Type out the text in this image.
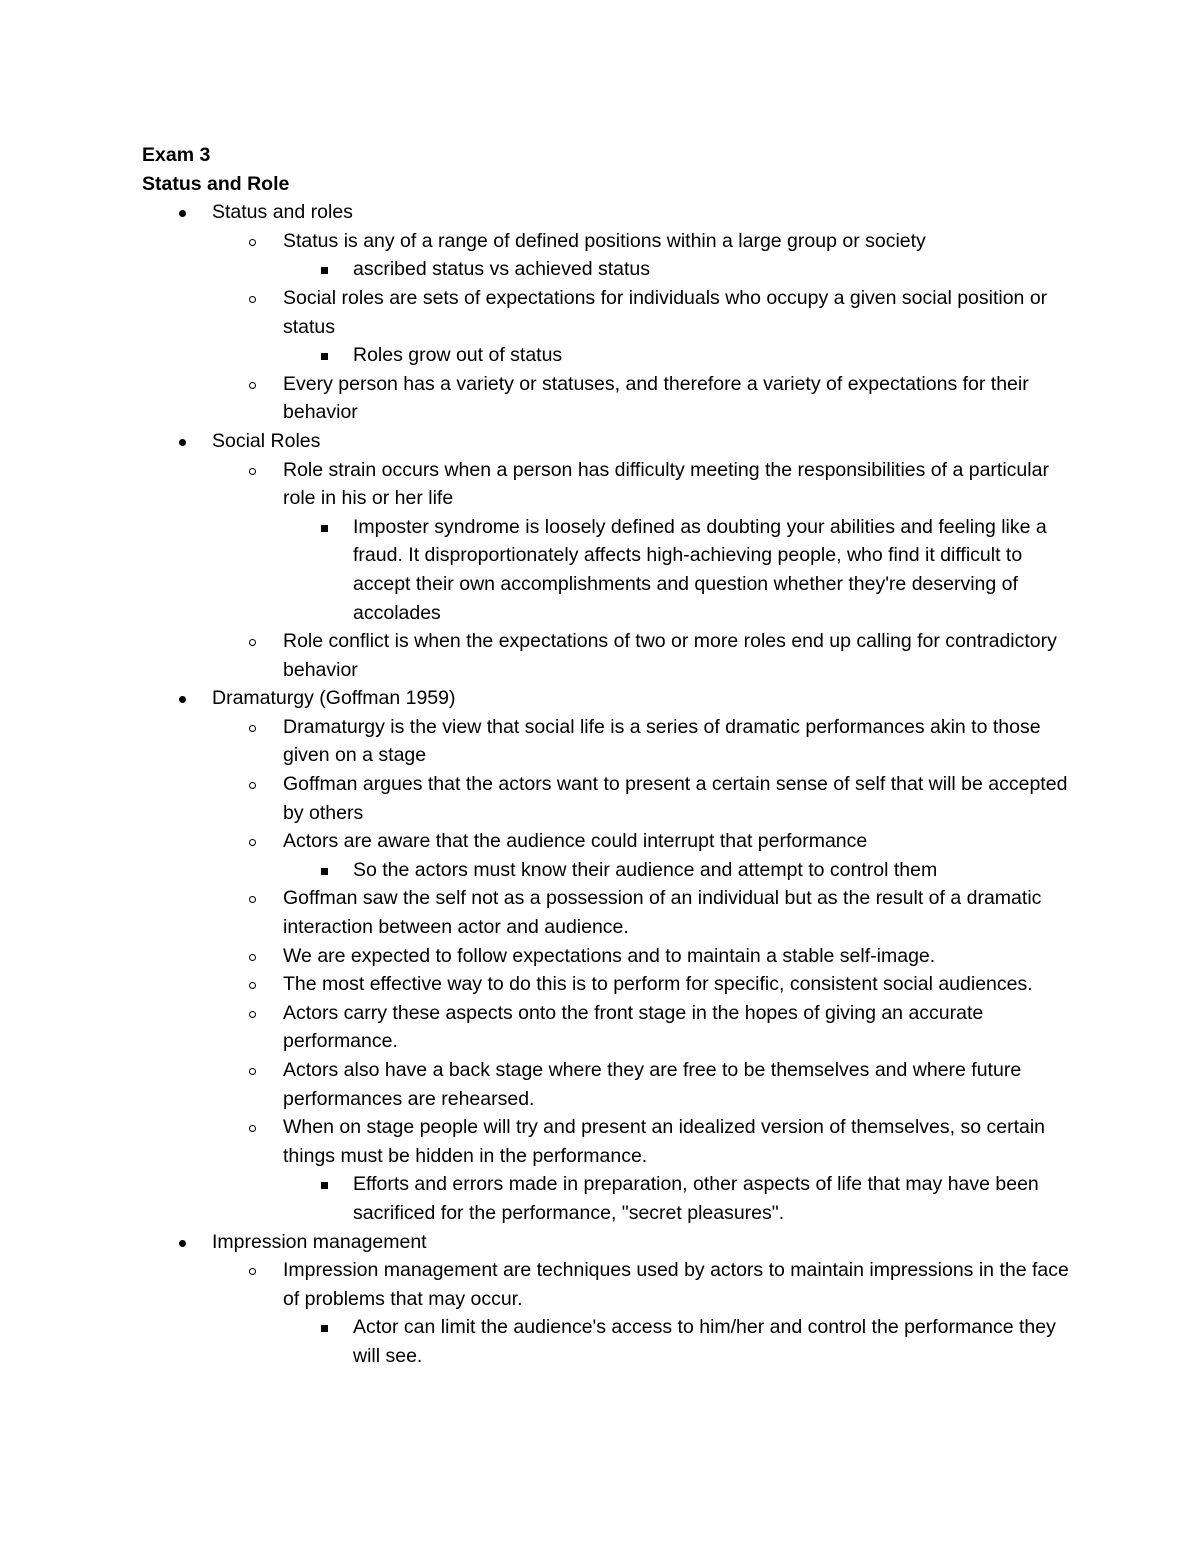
Exam 3

Status and Role

Status and roles

Status is any of a range of defined positions within a large group or society

ascribed status vs achieved status

Social roles are sets of expectations for individuals who occupy a given social position or status

Roles grow out of status

Every person has a variety or statuses, and therefore a variety of expectations for their behavior

Social Roles

Role strain occurs when a person has difficulty meeting the responsibilities of a particular role in his or her life

Imposter syndrome is loosely defined as doubting your abilities and feeling like a fraud. It disproportionately affects high-achieving people, who find it difficult to accept their own accomplishments and question whether they're deserving of accolades

Role conflict is when the expectations of two or more roles end up calling for contradictory behavior

Dramaturgy (Goffman 1959)

Dramaturgy is the view that social life is a series of dramatic performances akin to those given on a stage

Goffman argues that the actors want to present a certain sense of self that will be accepted by others

Actors are aware that the audience could interrupt that performance

So the actors must know their audience and attempt to control them

Goffman saw the self not as a possession of an individual but as the result of a dramatic interaction between actor and audience.

We are expected to follow expectations and to maintain a stable self-image.

The most effective way to do this is to perform for specific, consistent social audiences.

Actors carry these aspects onto the front stage in the hopes of giving an accurate performance.

Actors also have a back stage where they are free to be themselves and where future performances are rehearsed.

When on stage people will try and present an idealized version of themselves, so certain things must be hidden in the performance.

Efforts and errors made in preparation, other aspects of life that may have been sacrificed for the performance, "secret pleasures".

Impression management

Impression management are techniques used by actors to maintain impressions in the face of problems that may occur.

Actor can limit the audience's access to him/her and control the performance they will see.
